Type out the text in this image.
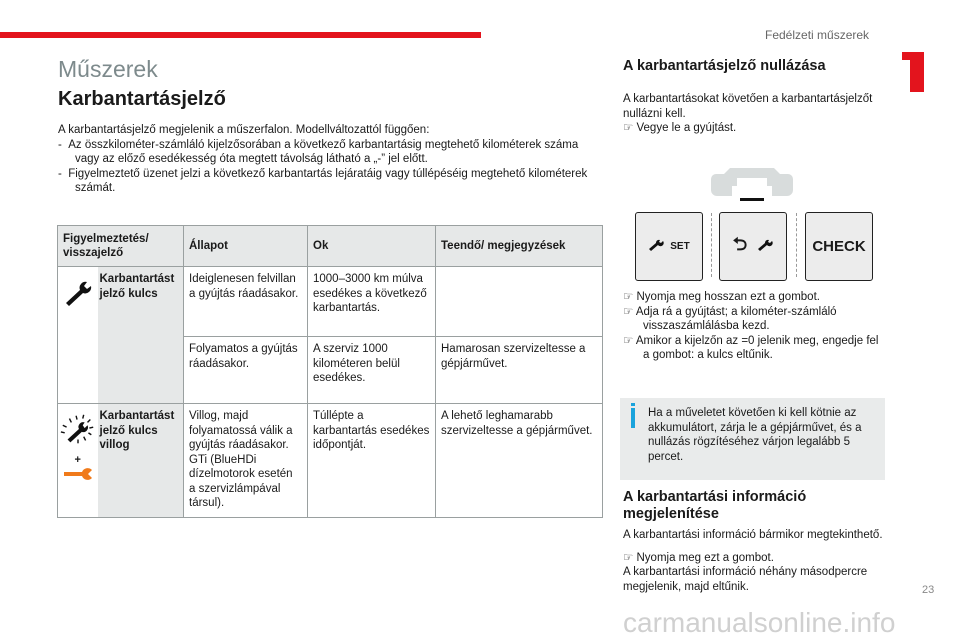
Fedélzeti műszerek
Műszerek
Karbantartásjelző
A karbantartásjelző megjelenik a műszerfalon. Modellváltozattól függően:
-  Az összkilométer-számláló kijelzősorában a következő karbantartásig megtehető kilométerek száma vagy az előző esedékesség óta megtett távolság látható a „-” jel előtt.
-  Figyelmeztető üzenet jelzi a következő karbantartás lejáratáig vagy túllépéséig megtehető kilométerek számát.
Figyelmeztetés/ visszajelző		Állapot	Ok	Teendő/ megjegyzések
	Karbantartást jelző kulcs	Ideiglenesen felvillan a gyújtás ráadásakor.	1000–3000 km múlva esedékes a következő karbantartás.	
		Folyamatos a gyújtás ráadásakor.	A szerviz 1000 kilométeren belül esedékes.	Hamarosan szervizeltesse a gépjárművet.

+	Karbantartást jelző kulcs villog	Villog, majd folyamatossá válik a gyújtás ráadásakor. GTi (BlueHDi dízelmotorok esetén a szervizlámpával társul).	Túllépte a karbantartás esedékes időpontját.	A lehető leghamarabb szervizeltesse a gépjárművet.
A karbantartásjelző nullázása
A karbantartásokat követően a karbantartásjelzőt nullázni kell.
☞ Vegye le a gyújtást.
SET ⮌	CHECK
☞ Nyomja meg hosszan ezt a gombot.
☞ Adja rá a gyújtást; a kilométer-számláló visszaszámlálásba kezd.
☞ Amikor a kijelzőn az =0 jelenik meg, engedje fel a gombot: a kulcs eltűnik.
Ha a műveletet követően ki kell kötnie az akkumulátort, zárja le a gépjárművet, és a nullázás rögzítéséhez várjon legalább 5 percet.
A karbantartási információ megjelenítése
A karbantartási információ bármikor megtekinthető.
☞ Nyomja meg ezt a gombot.
A karbantartási információ néhány másodpercre megjelenik, majd eltűnik.
carmanualsonline.info
23
